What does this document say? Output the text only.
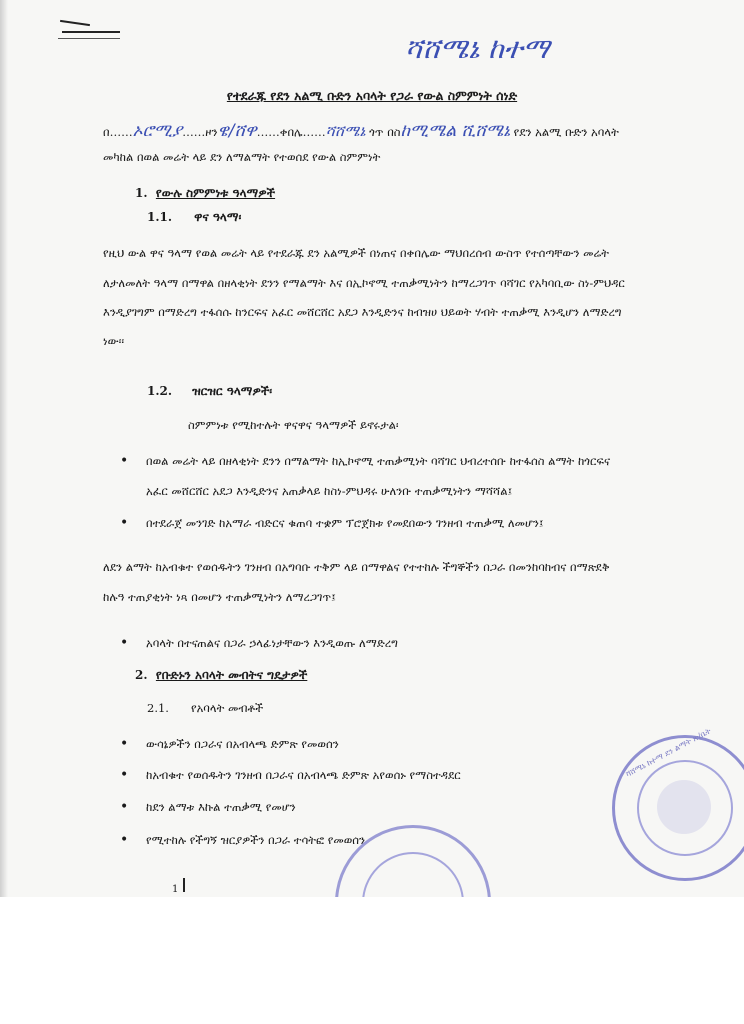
ሻሸሜኔ ከተማ
የተደራጁ የደን አልሚ ቡድን አባላት የጋራ የውል ስምምነት ሰነድ
በ……ኦሮሚያ……ዞንዌ/ሸዋ……ቀበሌ……ሻሸሜኔ ጎጥ በስከሚሜል ሺሸሜኔ የደን አልሚ ቡድን አባላት
መካከል በወል መሬት ላይ ደን ለማልማት የተወሰደ የውል ስምምነት
1. የውሉ ስምምነቱ ዓላማዎች
1.1. ዋና ዓላማ፡
የዚህ ውል ዋና ዓላማ የወል መሬት ላይ የተደራጁ ደን አልሚዎች በነጠና በቀበሌው ማህበረሰብ ውስጥ የተሰጣቸውን መሬት
ለታለመለት ዓላማ በማዋል በዘላቂነት ደንን የማልማት እና በኢኮኖሚ ተጠቃሚነትን ከማረጋገጥ ባሻገር የአካባቢው ስነ-ምህዳር
እንዲያገግም በማድረግ ተፋሰሱ ከንርፍና አፈር መሸርሸር አደጋ እንዲድንና ከብዝሀ ህይወት ሃብት ተጠቃሚ እንዲሆን ለማድረግ
ነው፡፡
1.2. ዝርዝር ዓላማዎች፡
ስምምነቱ የሚከተሉት ዋናዋና ዓላማዎች ይኖሩታል፡
• በወል መሬት ላይ በዘላቂነት ደንን በማልማት ከኢኮኖሚ ተጠቃሚነት ባሻገር ህብረተሰቡ ከተፋሰስ ልማት ከጎርፍና
አፈር መሸርሸር አደጋ እንዲድንና አጠቃላይ ከስነ-ምህዳሩ ሁለንቡ ተጠቃሚነትን ማሻሻል፤
• በተደራጀ መንገድ ከአማራ ብድርና ቁጠባ ተቋም ፕሮጀክቱ የመደበውን ገንዘብ ተጠቃሚ ለመሆን፤
ለደን ልማት ከአብቁተ የወሰዱትን ገንዘብ በአግባቡ ተቅም ላይ በማዋልና የተተከሉ ችግኞችን በጋራ በመንከባከብና በማጽደቅ
ከሉዓ ተጠያቂነት ነጻ በመሆን ተጠቃሚነትን ለማረጋገጥ፤
• አባላት በተናጠልና በጋራ ኃላፊነታቸውን እንዲወጡ ለማድረግ
2. የቡድኑን አባላት መብትና ግዴታዎች
2.1. የአባላት መብቶች
• ውሳኔዎችን በጋራና በአብላጫ ድምጽ የመወሰን
• ከአብቁተ የወሰዱትን ገንዘብ በጋራና በአብላጫ ድምጽ አየወሰኑ የማስተዳደር
• ከደን ልማቱ እኩል ተጠቃሚ የመሆን
• የሚተከሉ የችግኝ ዝርያዎችን በጋራ ተሳትፎ የመወሰን
1
ሻሸሜኔ ከተማ ደን ልማት ጽ/ቤት
